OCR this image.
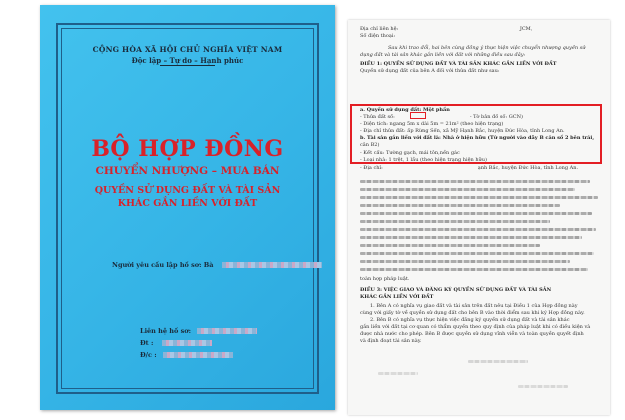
CỘNG HÒA XÃ HỘI CHỦ NGHĨA VIỆT NAM
Độc lập – Tự do – Hạnh phúc
BỘ HỢP ĐỒNG
CHUYỂN NHƯỢNG – MUA BÁN
QUYỀN SỬ DỤNG ĐẤT VÀ TÀI SẢN
KHÁC GẮN LIỀN VỚI ĐẤT
Người yêu cầu lập hồ sơ: Bà
Liên hệ hồ sơ:
Đt :
Đ/c :
Địa chỉ liên hệ:	JCM,
Số điện thoại:
Sau khi trao đổi, hai bên cùng đồng ý thực hiện việc chuyển nhượng quyền sử
dụng đất và tài sản khác gắn liền với đất với những điều sau đây:
ĐIỀU 1: QUYỀN SỬ DỤNG ĐẤT VÀ TÀI SẢN KHÁC GẮN LIỀN VỚI ĐẤT
Quyền sử dụng đất của bên A đối với thửa đất như sau:
a. Quyền sử dụng đất: Một phần
- Thửa đất số:	- Tờ bản đồ số: GCN)
- Diện tích: ngang 5m x dài 5m = 21m² (theo hiện trạng)
- Địa chỉ thửa đất: ấp Rừng Sến, xã Mỹ Hạnh Bắc, huyện Đức Hòa, tỉnh Long An.
b. Tài sản gắn liền với đất là: Nhà ở hiện hữu (Từ người vào dãy B căn số 2 bên trái,
căn B2)
- Kết cấu: Tường gạch, mái tôn,nền gác
- Loại nhà: 1 trệt, 1 lầu (theo hiện trạng hiện hữu)
- Địa chỉ:	ạnh Bắc, huyện Đức Hòa, tỉnh Long An.
toàn hợp pháp luật.
ĐIỀU 3: VIỆC GIAO VÀ ĐĂNG KÝ QUYỀN SỬ DỤNG ĐẤT VÀ TÀI SẢN
KHÁC GẮN LIỀN VỚI ĐẤT
1. Bên A có nghĩa vụ giao đất và tài sản trên đất nêu tại Điều 1 của Hợp đồng này
cùng với giấy tờ về quyền sử dụng đất cho bên B vào thời điểm sau khi ký Hợp đồng này.
2. Bên B có nghĩa vụ thực hiện việc đăng ký quyền sử dụng đất và tài sản khác
gắn liền với đất tại cơ quan có thẩm quyền theo quy định của pháp luật khi có điều kiện và
được nhà nước cho phép. Bên B được quyền sử dụng vĩnh viễn và toàn quyền quyết định
và định đoạt tài sản này.
